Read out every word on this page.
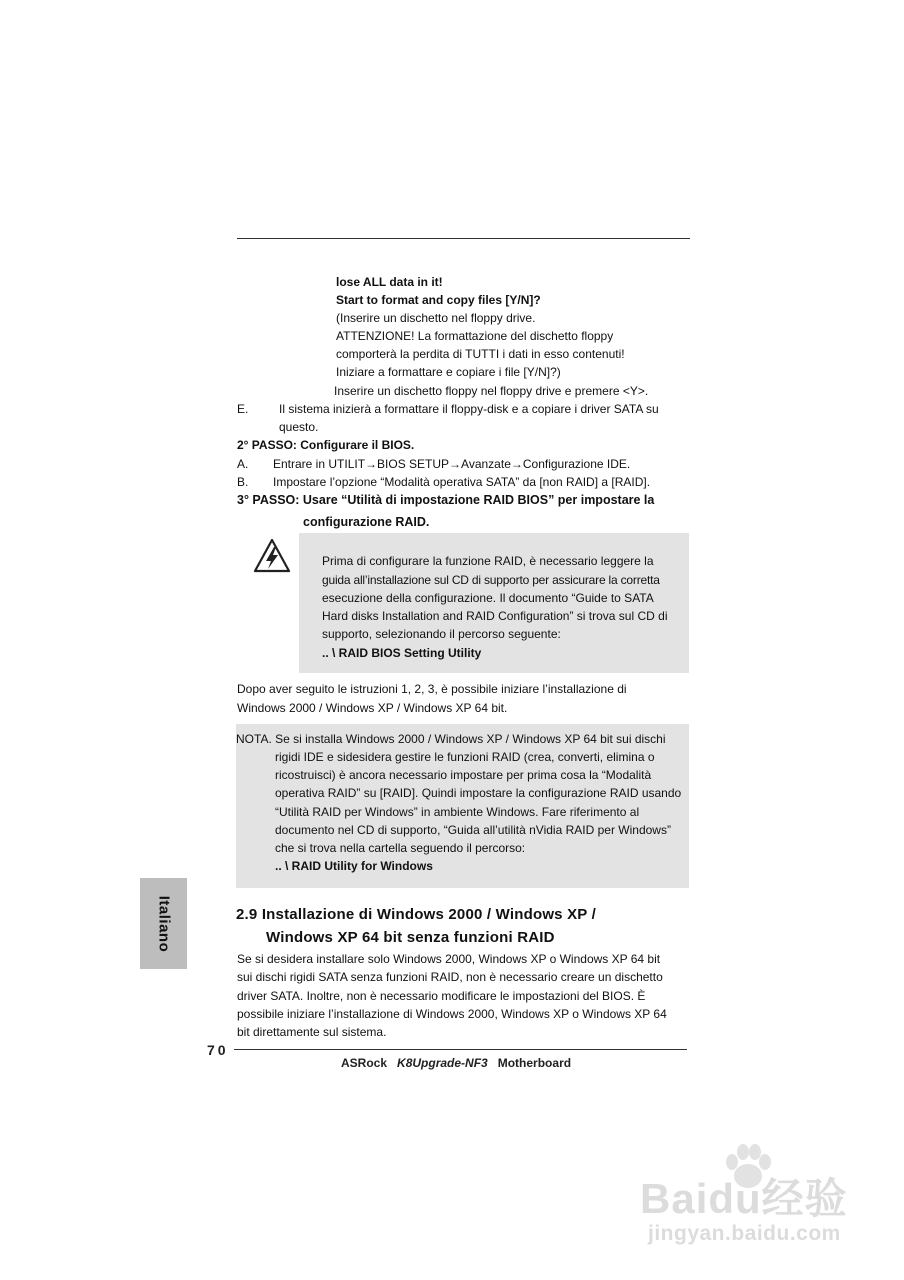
lose ALL data in it!
Start to format and copy files [Y/N]?
(Inserire un dischetto nel floppy drive.
ATTENZIONE! La formattazione del dischetto floppy
comporterà la perdita di TUTTI i dati in esso contenuti!
Iniziare a formattare e copiare i file [Y/N]?)
Inserire un dischetto floppy nel floppy drive e premere <Y>.
E.	Il sistema inizierà a formattare il floppy-disk e a copiare i driver SATA su
questo.
2° PASSO: Configurare il BIOS.
A. Entrare in UTILIT→BIOS SETUP→Avanzate→Configurazione IDE.
B. Impostare l’opzione “Modalità operativa SATA” da [non RAID] a [RAID].
3° PASSO: Usare “Utilità di impostazione RAID BIOS” per impostare la
configurazione RAID.
Prima di configurare la funzione RAID, è necessario leggere la
guida all’installazione sul CD di supporto per assicurare la corretta
esecuzione della configurazione. Il documento “Guide to SATA
Hard disks Installation and RAID Configuration” si trova sul CD di
supporto, selezionando il percorso seguente:
.. \ RAID BIOS Setting Utility
Dopo aver seguito le istruzioni 1, 2, 3, è possibile iniziare l’installazione di
Windows 2000 / Windows XP / Windows XP 64 bit.
NOTA. Se si installa Windows 2000 / Windows XP / Windows XP 64 bit sui dischi
rigidi IDE e sidesidera gestire le funzioni RAID (crea, converti, elimina o
ricostruisci) è ancora necessario impostare per prima cosa la “Modalità
operativa RAID” su [RAID]. Quindi impostare la configurazione RAID usando
“Utilità RAID per Windows” in ambiente Windows. Fare riferimento al
documento nel CD di supporto, “Guida all’utilità nVidia RAID per Windows”
che si trova nella cartella seguendo il percorso:
.. \ RAID Utility for Windows
Italiano	2.9 Installazione di Windows 2000 / Windows XP /
Windows XP 64 bit senza funzioni RAID
Se si desidera installare solo Windows 2000, Windows XP o Windows XP 64 bit
sui dischi rigidi SATA senza funzioni RAID, non è necessario creare un dischetto
driver SATA. Inoltre, non è necessario modificare le impostazioni del BIOS. È
possibile iniziare l’installazione di Windows 2000, Windows XP o Windows XP 64
bit direttamente sul sistema.
70
ASRock K8Upgrade-NF3 Motherboard
Baidu经验
jingyan.baidu.com
